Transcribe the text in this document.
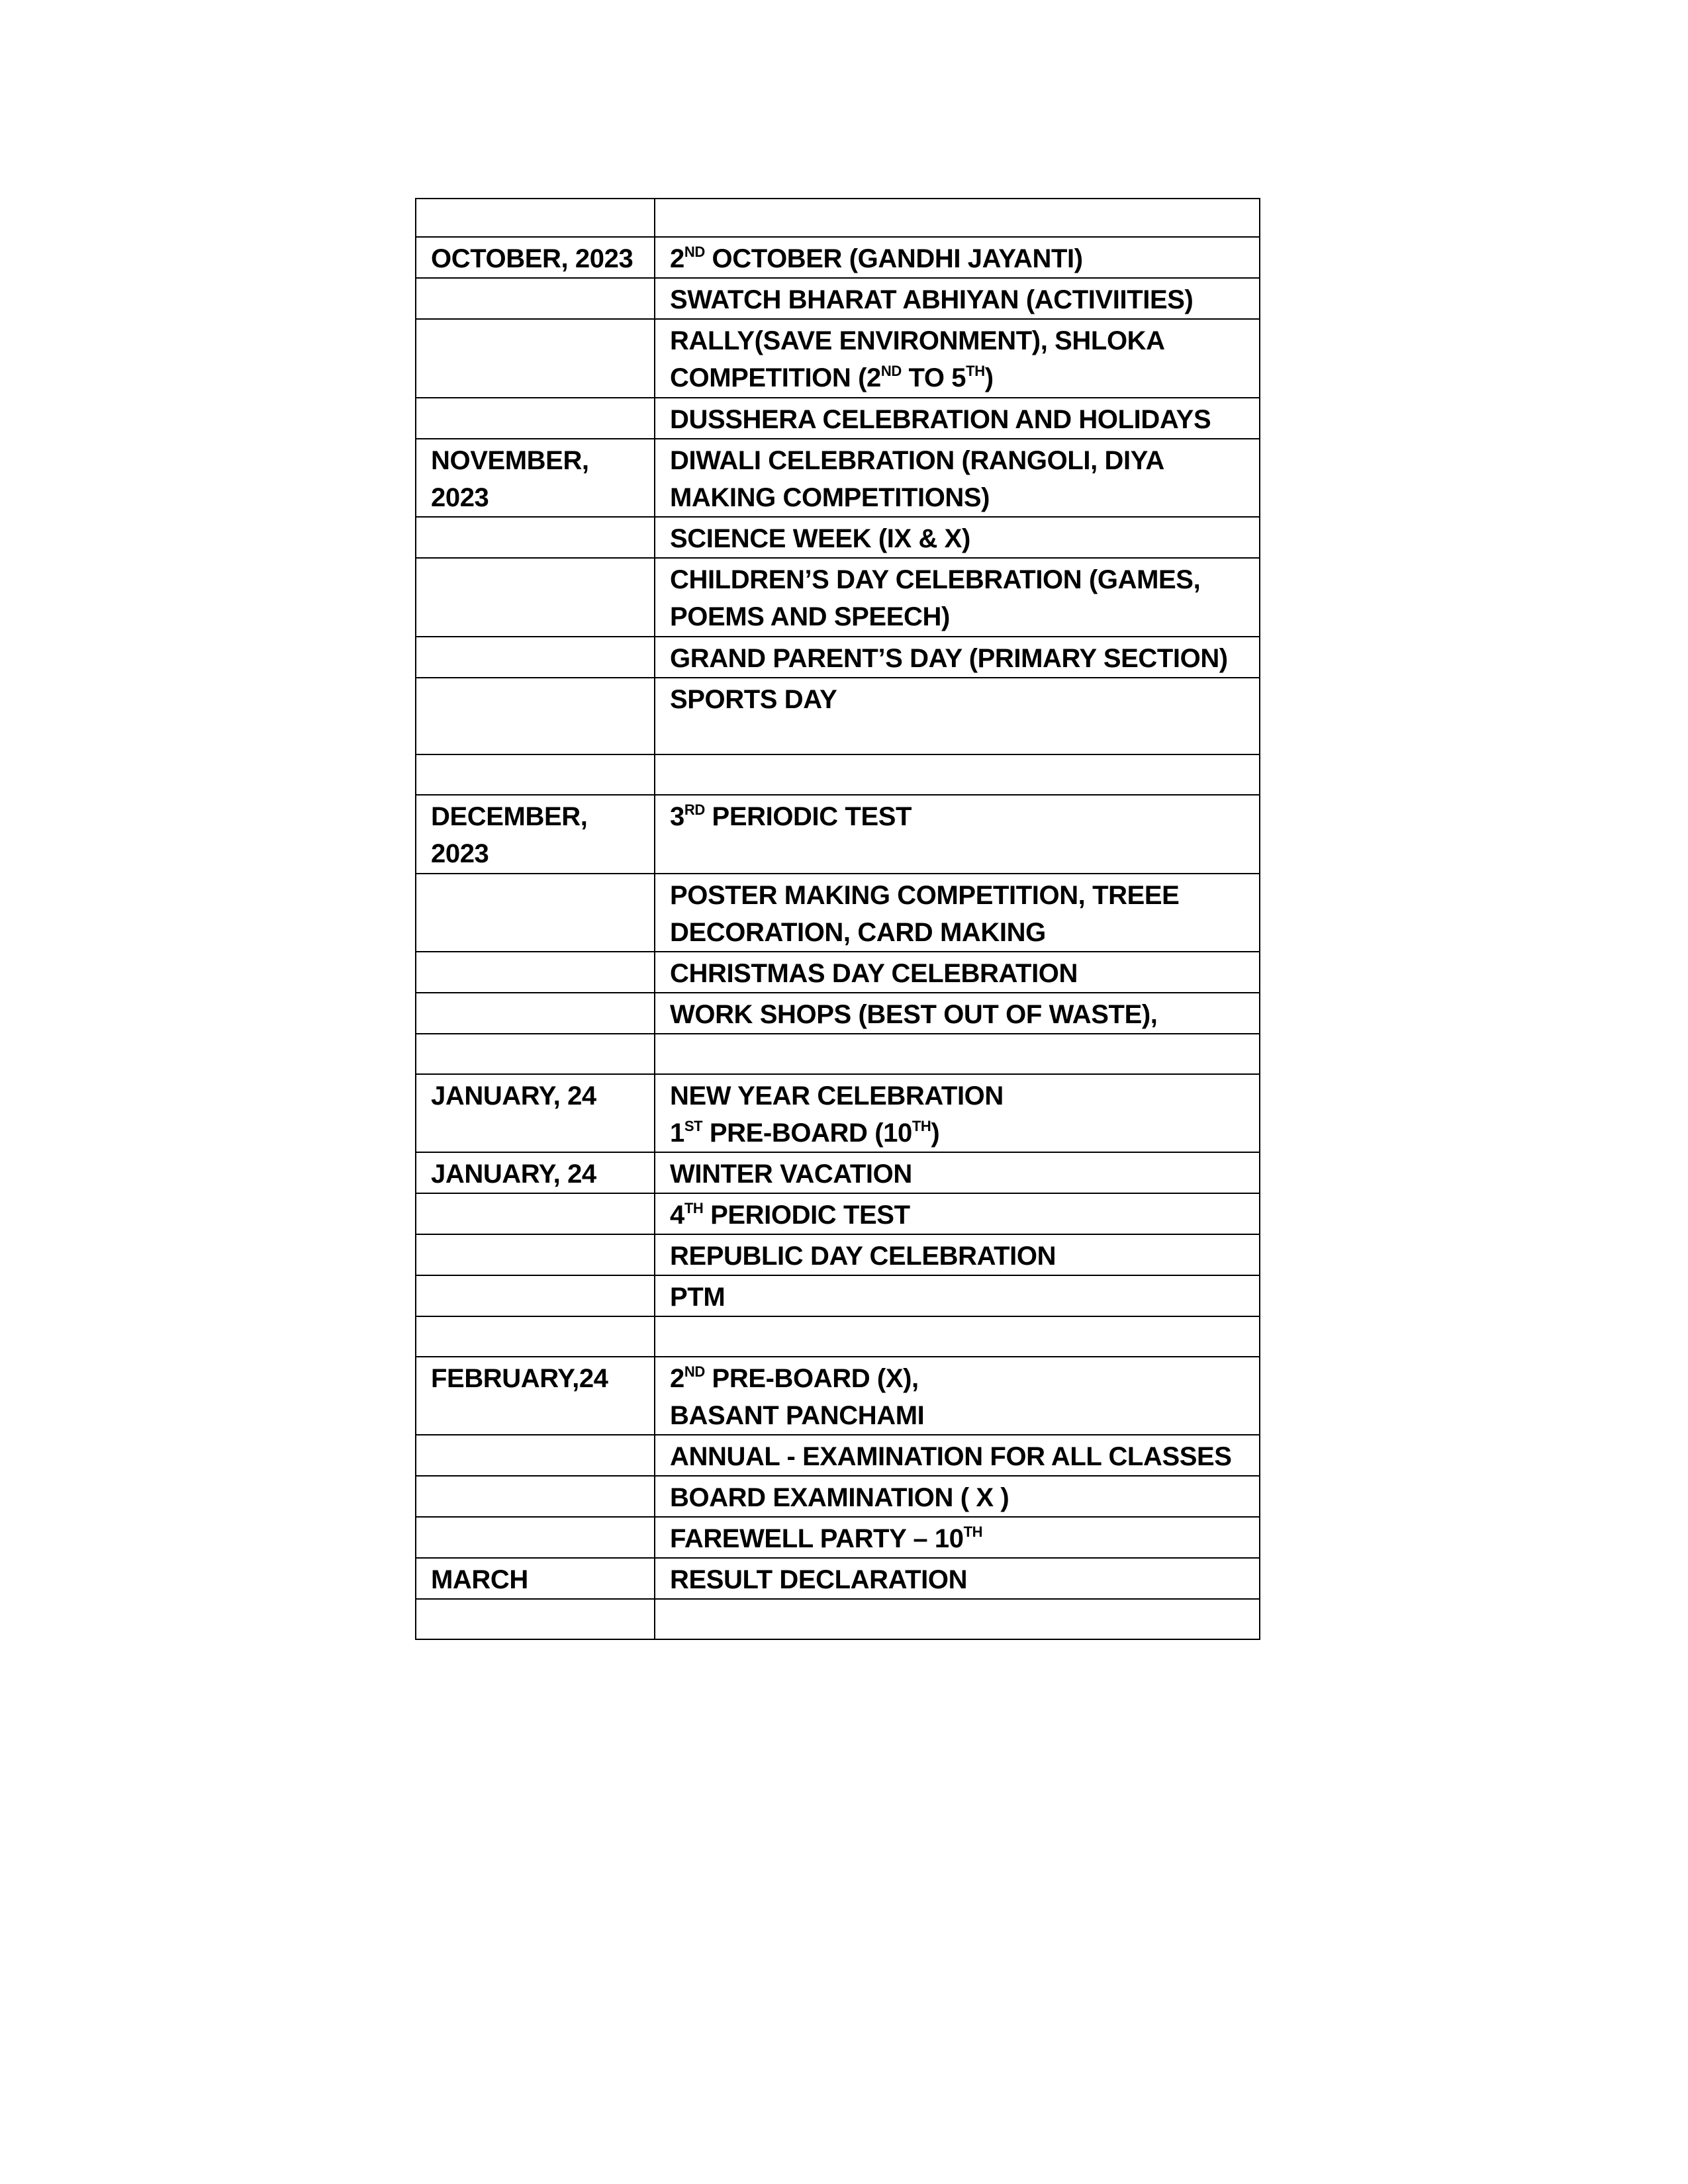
OCTOBER, 2023	2ND OCTOBER (GANDHI JAYANTI)

	SWATCH BHARAT ABHIYAN (ACTIVIITIES)

	RALLY(SAVE ENVIRONMENT), SHLOKA
COMPETITION (2ND TO 5TH)

	DUSSHERA CELEBRATION AND HOLIDAYS

NOVEMBER, 2023	DIWALI CELEBRATION (RANGOLI, DIYA
MAKING COMPETITIONS)

	SCIENCE WEEK (IX & X)

	CHILDREN’S DAY CELEBRATION (GAMES,
POEMS AND SPEECH)

	GRAND PARENT’S DAY (PRIMARY SECTION)

	SPORTS DAY

DECEMBER, 2023	3RD PERIODIC TEST

	POSTER MAKING COMPETITION, TREEE
DECORATION, CARD MAKING

	CHRISTMAS DAY CELEBRATION

	WORK SHOPS (BEST OUT OF WASTE),

JANUARY, 24	NEW YEAR CELEBRATION
1ST PRE-BOARD (10TH)

JANUARY, 24	WINTER VACATION

	4TH PERIODIC TEST

	REPUBLIC DAY CELEBRATION

	PTM

FEBRUARY,24	2ND PRE-BOARD (X),
BASANT PANCHAMI

	ANNUAL - EXAMINATION FOR ALL CLASSES

	BOARD EXAMINATION ( X )

	FAREWELL PARTY – 10TH

MARCH	RESULT DECLARATION
